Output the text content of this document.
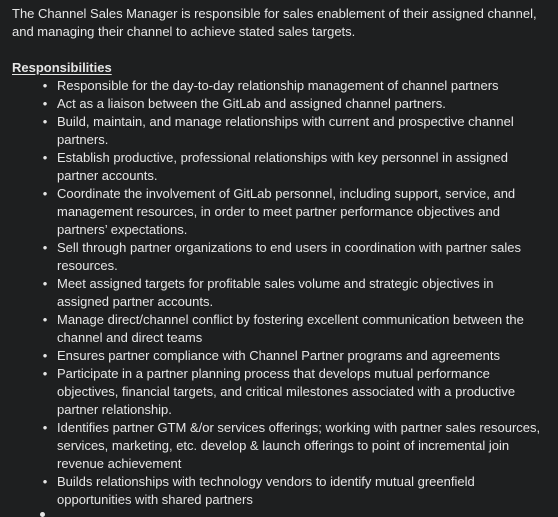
The Channel Sales Manager is responsible for sales enablement of their assigned channel, and managing their channel to achieve stated sales targets.

Responsibilities

• Responsible for the day-to-day relationship management of channel partners
• Act as a liaison between the GitLab and assigned channel partners.
• Build, maintain, and manage relationships with current and prospective channel partners.
• Establish productive, professional relationships with key personnel in assigned partner accounts.
• Coordinate the involvement of GitLab personnel, including support, service, and management resources, in order to meet partner performance objectives and partners’ expectations.
• Sell through partner organizations to end users in coordination with partner sales resources.
• Meet assigned targets for profitable sales volume and strategic objectives in assigned partner accounts.
• Manage direct/channel conflict by fostering excellent communication between the channel and direct teams
• Ensures partner compliance with Channel Partner programs and agreements
• Participate in a partner planning process that develops mutual performance objectives, financial targets, and critical milestones associated with a productive partner relationship.
• Identifies partner GTM &/or services offerings; working with partner sales resources, services, marketing, etc. develop & launch offerings to point of incremental join revenue achievement
• Builds relationships with technology vendors to identify mutual greenfield opportunities with shared partners
